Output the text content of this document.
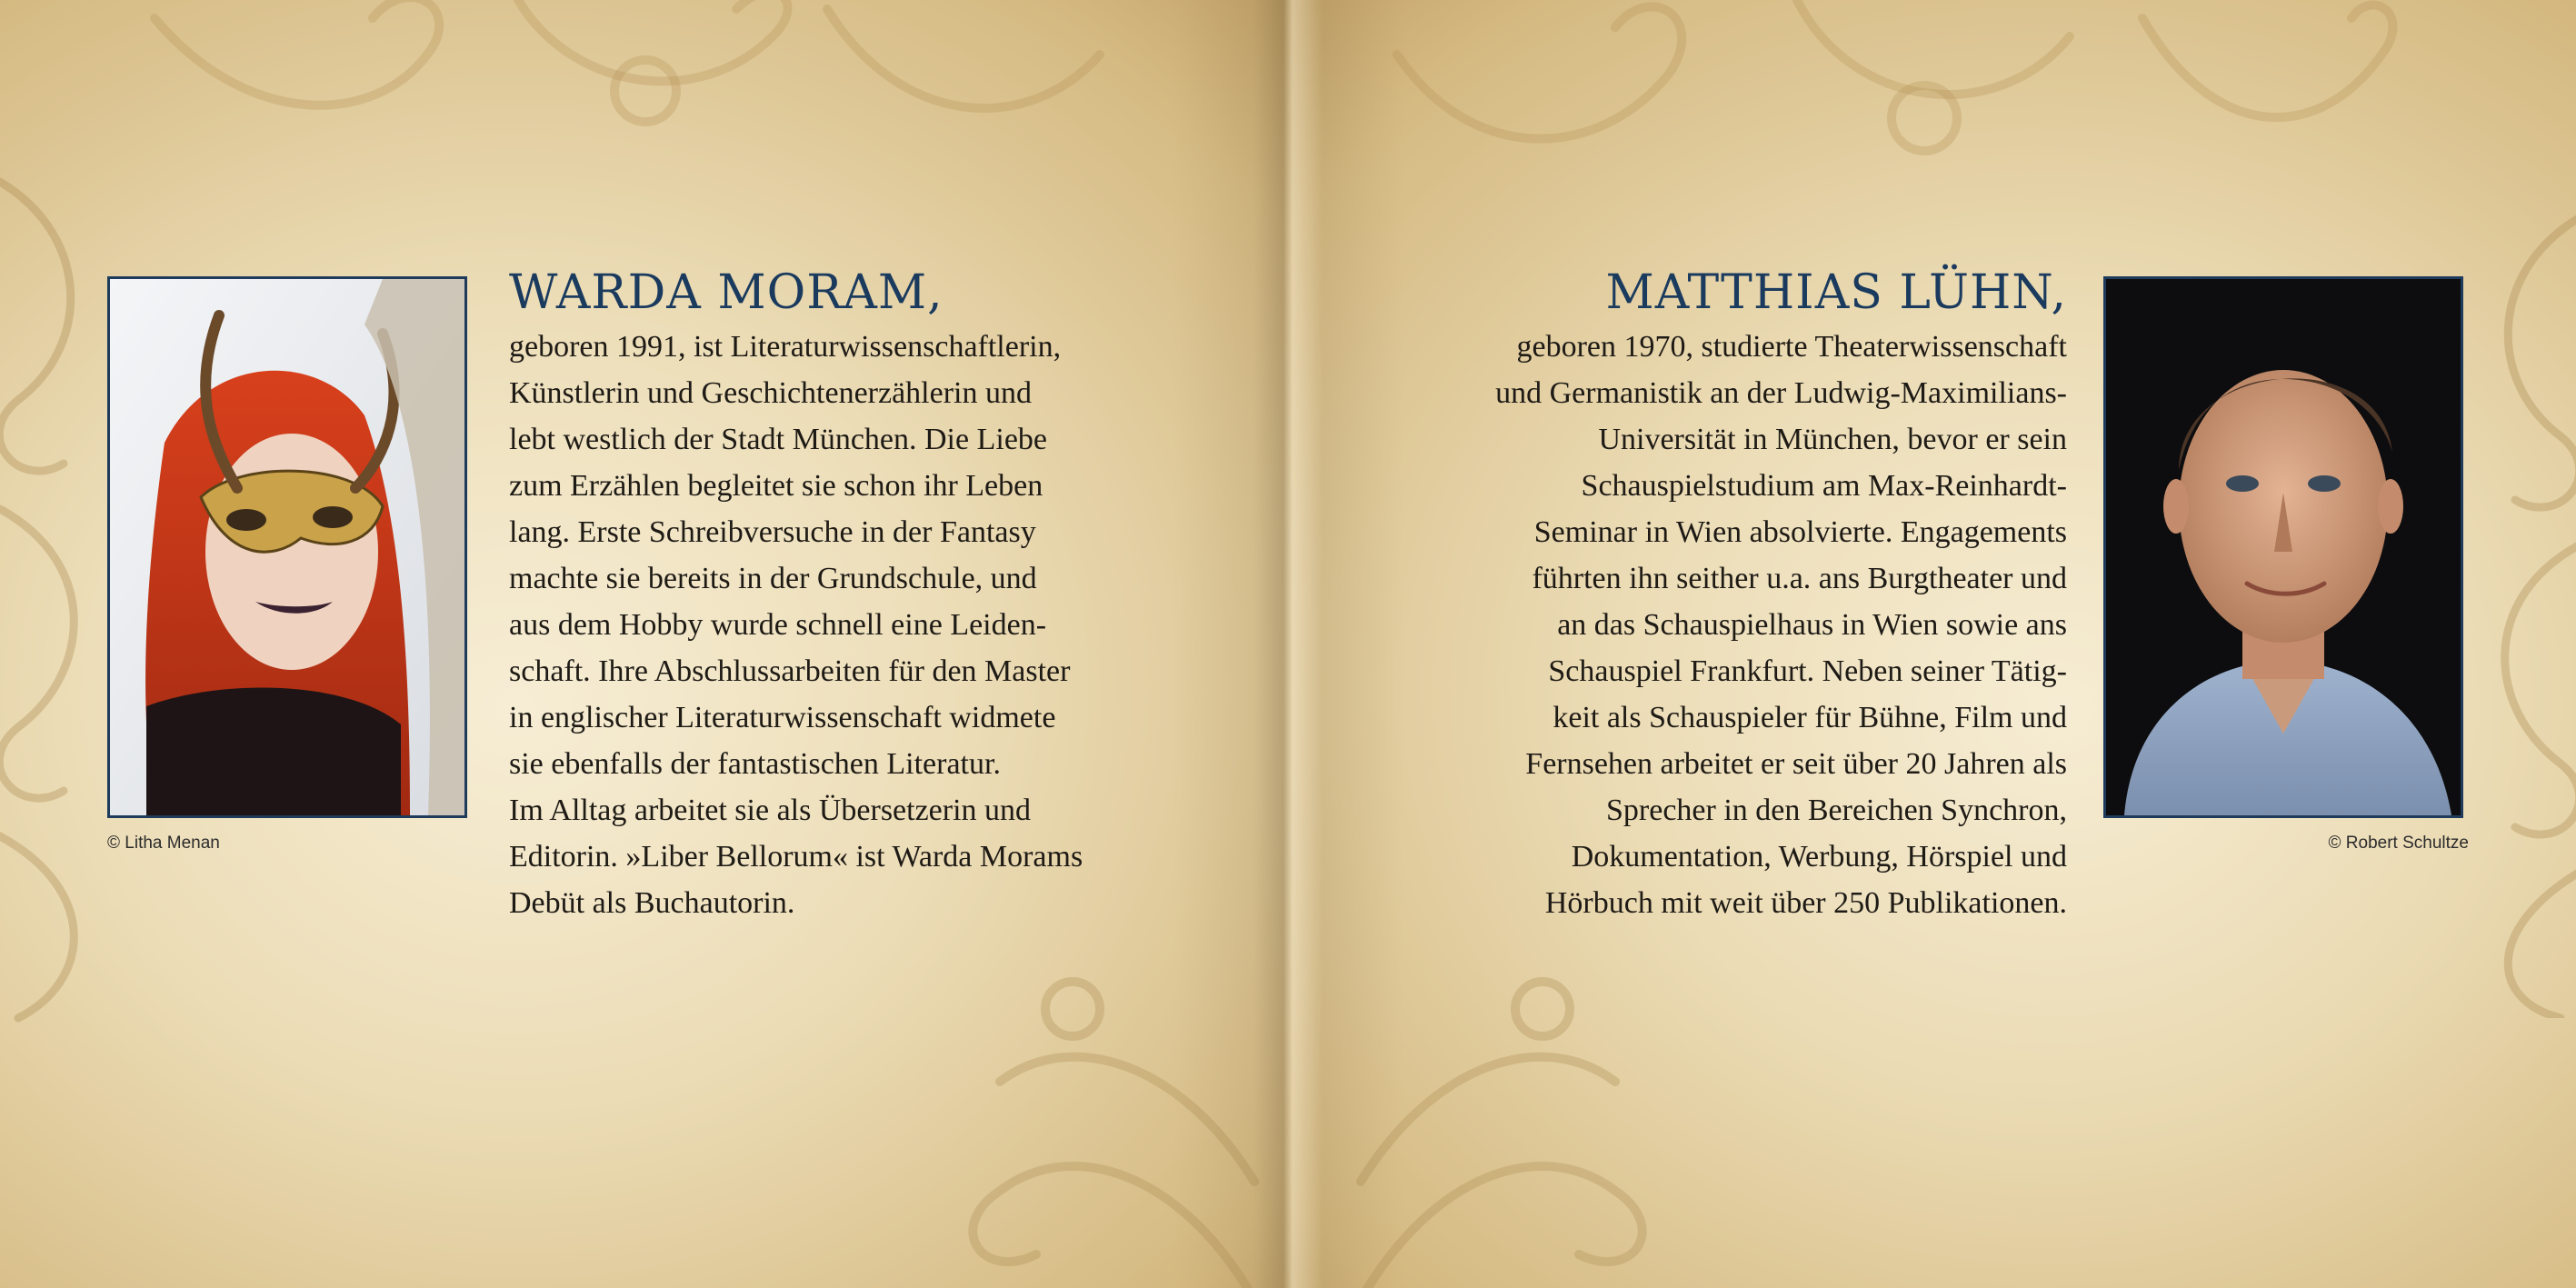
© Litha Menan
WARDA MORAM,
geboren 1991, ist Literaturwissenschaftlerin,
Künstlerin und Geschichtenerzählerin und
lebt westlich der Stadt München. Die Liebe
zum Erzählen begleitet sie schon ihr Leben
lang. Erste Schreibversuche in der Fantasy
machte sie bereits in der Grundschule, und
aus dem Hobby wurde schnell eine Leiden-
schaft. Ihre Abschlussarbeiten für den Master
in englischer Literaturwissenschaft widmete
sie ebenfalls der fantastischen Literatur.
Im Alltag arbeitet sie als Übersetzerin und
Editorin. »Liber Bellorum« ist Warda Morams
Debüt als Buchautorin.
MATTHIAS LÜHN,
geboren 1970, studierte Theaterwissenschaft
und Germanistik an der Ludwig-Maximilians-
Universität in München, bevor er sein
Schauspielstudium am Max-Reinhardt-
Seminar in Wien absolvierte. Engagements
führten ihn seither u.a. ans Burgtheater und
an das Schauspielhaus in Wien sowie ans
Schauspiel Frankfurt. Neben seiner Tätig-
keit als Schauspieler für Bühne, Film und
Fernsehen arbeitet er seit über 20 Jahren als
Sprecher in den Bereichen Synchron,
Dokumentation, Werbung, Hörspiel und
Hörbuch mit weit über 250 Publikationen.
© Robert Schultze
